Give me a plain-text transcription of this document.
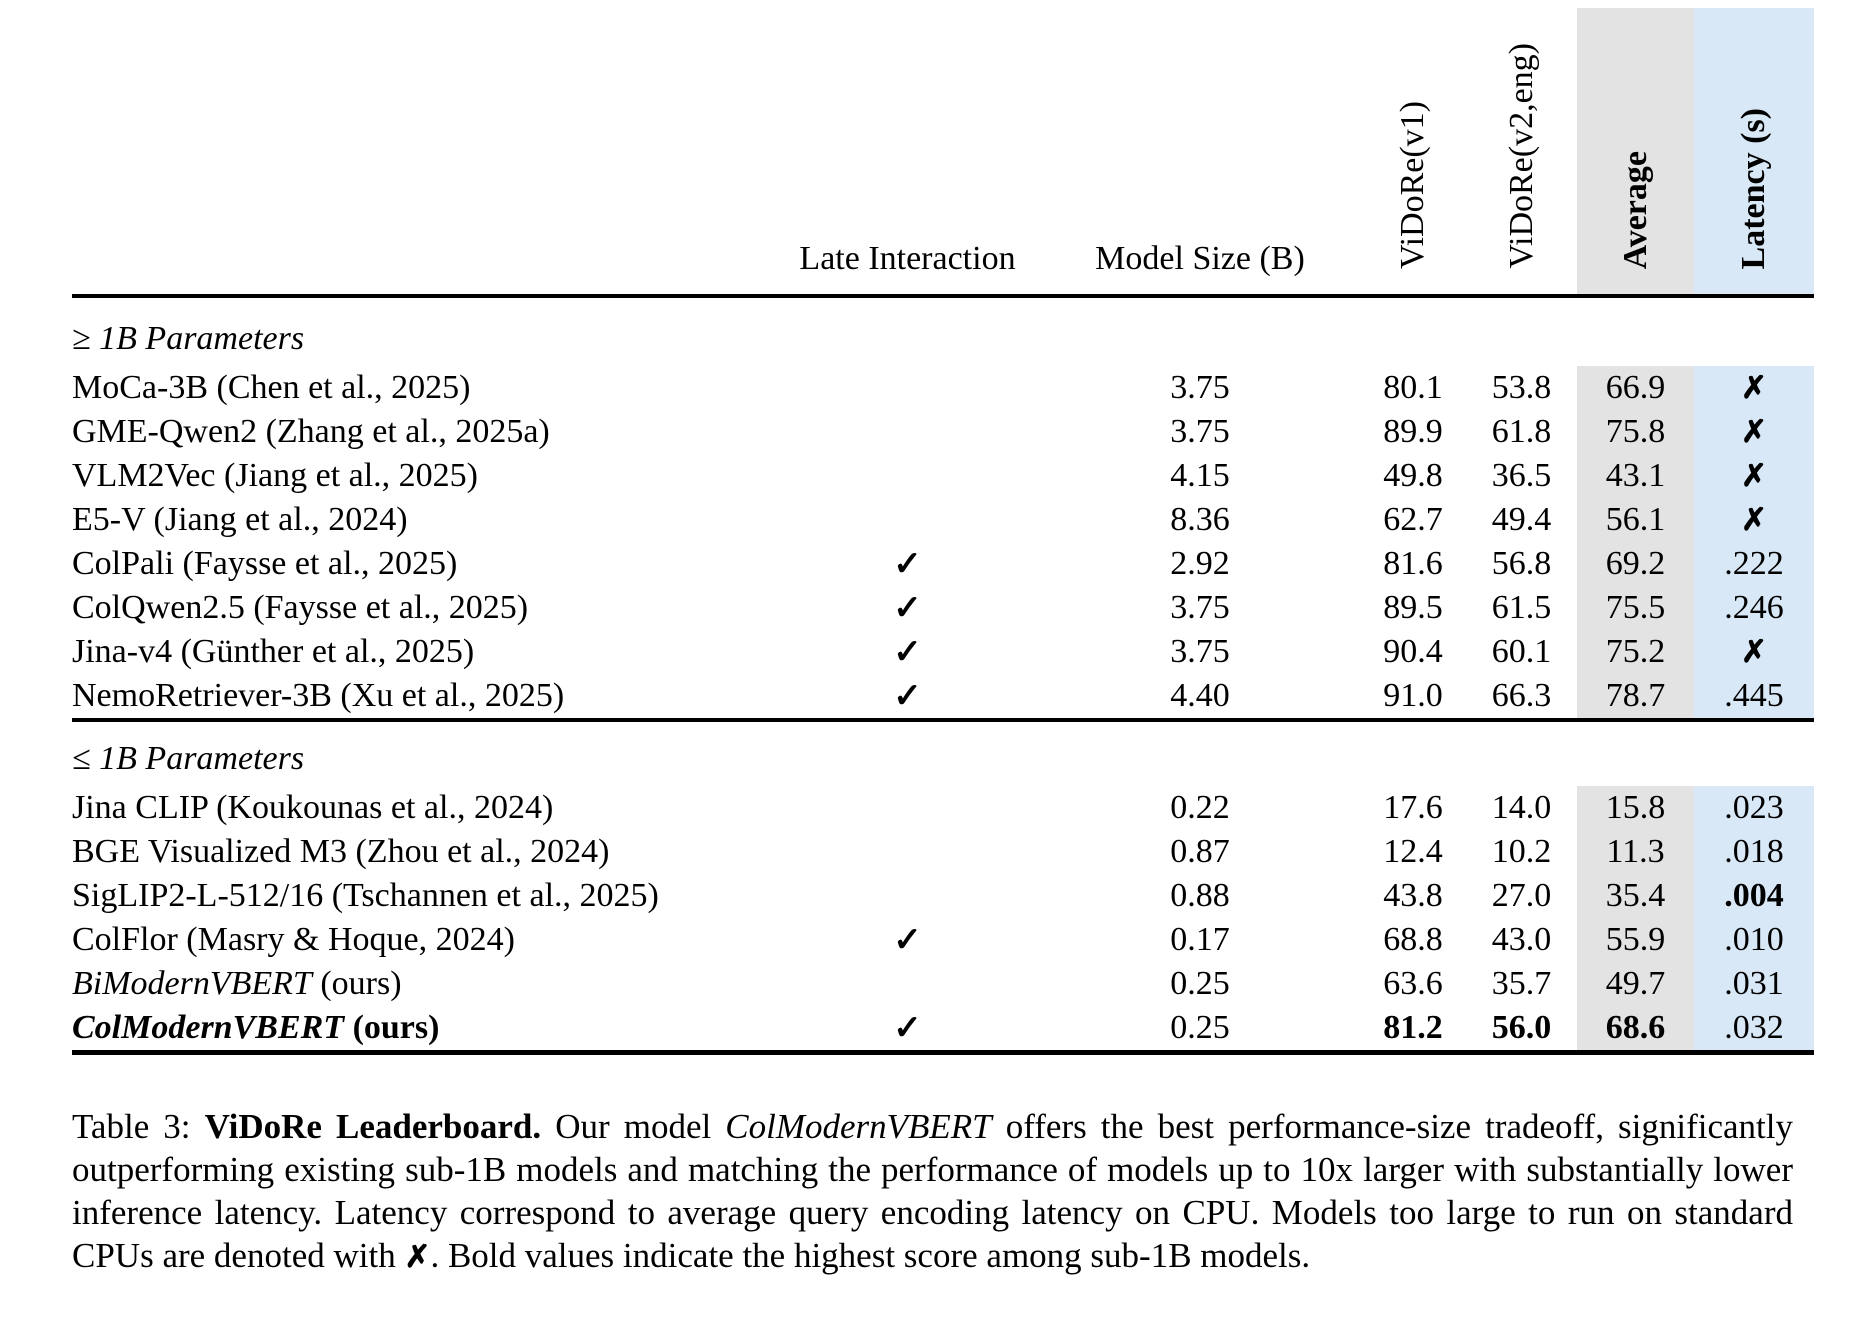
	Late Interaction	Model Size (B)	ViDoRe(v1)	ViDoRe(v2,eng)	Average	Latency (s)
≥ 1B Parameters						
MoCa-3B (Chen et al., 2025)		3.75	80.1	53.8	66.9	✗
GME-Qwen2 (Zhang et al., 2025a)		3.75	89.9	61.8	75.8	✗
VLM2Vec (Jiang et al., 2025)		4.15	49.8	36.5	43.1	✗
E5-V (Jiang et al., 2024)		8.36	62.7	49.4	56.1	✗
ColPali (Faysse et al., 2025)	✓	2.92	81.6	56.8	69.2	.222
ColQwen2.5 (Faysse et al., 2025)	✓	3.75	89.5	61.5	75.5	.246
Jina-v4 (Günther et al., 2025)	✓	3.75	90.4	60.1	75.2	✗
NemoRetriever-3B (Xu et al., 2025)	✓	4.40	91.0	66.3	78.7	.445
≤ 1B Parameters						
Jina CLIP (Koukounas et al., 2024)		0.22	17.6	14.0	15.8	.023
BGE Visualized M3 (Zhou et al., 2024)		0.87	12.4	10.2	11.3	.018
SigLIP2-L-512/16 (Tschannen et al., 2025)		0.88	43.8	27.0	35.4	.004
ColFlor (Masry & Hoque, 2024)	✓	0.17	68.8	43.0	55.9	.010
BiModernVBERT (ours)		0.25	63.6	35.7	49.7	.031
ColModernVBERT (ours)	✓	0.25	81.2	56.0	68.6	.032

Table 3: ViDoRe Leaderboard. Our model ColModernVBERT offers the best performance-size tradeoff, significantly outperforming existing sub-1B models and matching the performance of models up to 10x larger with substantially lower inference latency. Latency correspond to average query encoding latency on CPU. Models too large to run on standard CPUs are denoted with ✗. Bold values indicate the highest score among sub-1B models.
